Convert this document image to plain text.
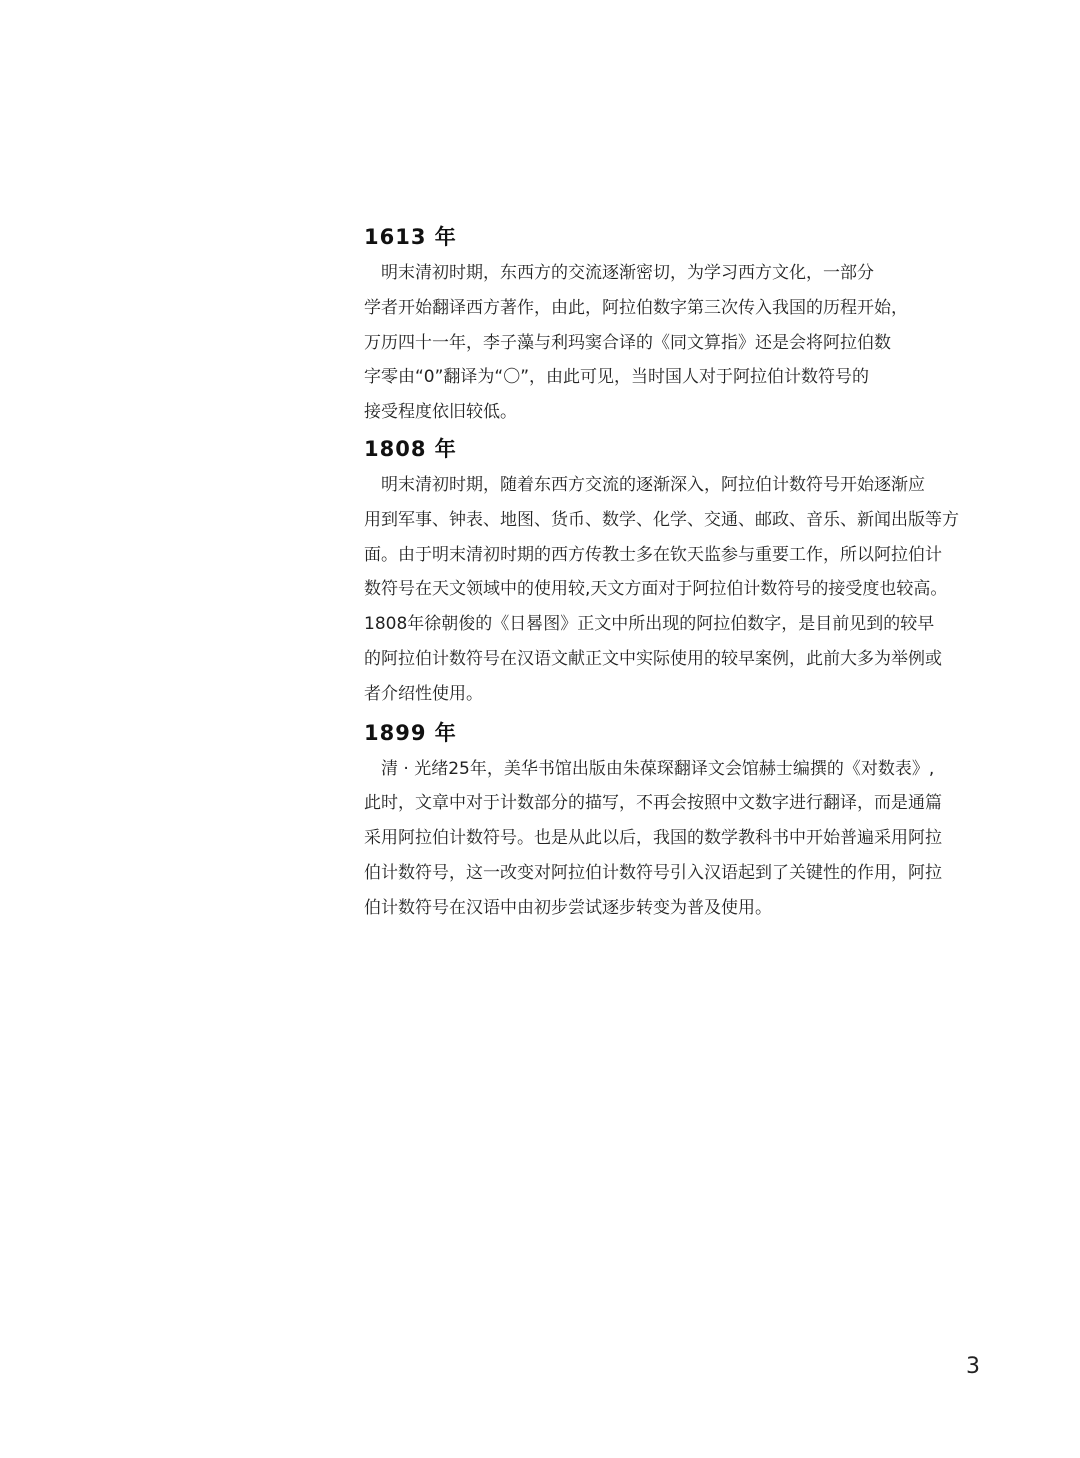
1613 年

　明末清初时期，东西方的交流逐渐密切，为学习西方文化，一部分
学者开始翻译西方著作，由此，阿拉伯数字第三次传入我国的历程开始，
万历四十一年，李子藻与利玛窦合译的《同文算指》还是会将阿拉伯数
字零由“0”翻译为“〇”，由此可见，当时国人对于阿拉伯计数符号的
接受程度依旧较低。

1808 年

　明末清初时期，随着东西方交流的逐渐深入，阿拉伯计数符号开始逐渐应
用到军事、钟表、地图、货币、数学、化学、交通、邮政、音乐、新闻出版等方
面。由于明末清初时期的西方传教士多在钦天监参与重要工作，所以阿拉伯计
数符号在天文领域中的使用较,天文方面对于阿拉伯计数符号的接受度也较高。
1808年徐朝俊的《日晷图》正文中所出现的阿拉伯数字，是目前见到的较早
的阿拉伯计数符号在汉语文献正文中实际使用的较早案例，此前大多为举例或
者介绍性使用。

1899 年

　清 · 光绪25年，美华书馆出版由朱葆琛翻译文会馆赫士编撰的《对数表》,
此时，文章中对于计数部分的描写，不再会按照中文数字进行翻译，而是通篇
采用阿拉伯计数符号。也是从此以后，我国的数学教科书中开始普遍采用阿拉
伯计数符号，这一改变对阿拉伯计数符号引入汉语起到了关键性的作用，阿拉
伯计数符号在汉语中由初步尝试逐步转变为普及使用。

3
